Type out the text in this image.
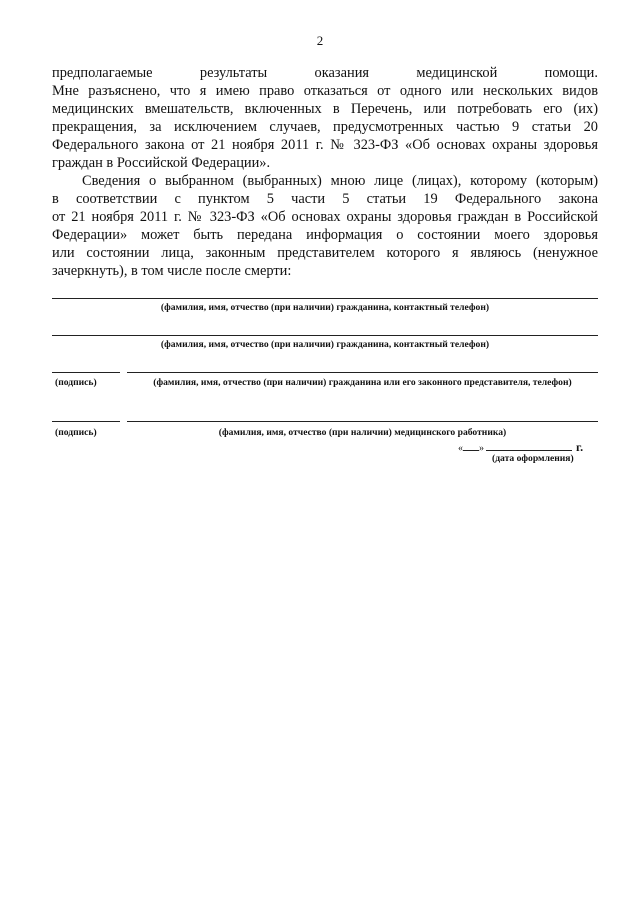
2
предполагаемые результаты оказания медицинской помощи.
Мне разъяснено, что я имею право отказаться от одного или нескольких видов
медицинских вмешательств, включенных в Перечень, или потребовать его (их)
прекращения, за исключением случаев, предусмотренных частью 9 статьи 20
Федерального закона от 21 ноября 2011 г. № 323-ФЗ «Об основах охраны здоровья
граждан в Российской Федерации».
Сведения о выбранном (выбранных) мною лице (лицах), которому (которым)
в соответствии с пунктом 5 части 5 статьи 19 Федерального закона
от 21 ноября 2011 г. № 323-ФЗ «Об основах охраны здоровья граждан в Российской
Федерации» может быть передана информация о состоянии моего здоровья
или состоянии лица, законным представителем которого я являюсь (ненужное
зачеркнуть), в том числе после смерти:
(фамилия, имя, отчество (при наличии) гражданина, контактный телефон)
(фамилия, имя, отчество (при наличии) гражданина, контактный телефон)
(подпись)	(фамилия, имя, отчество (при наличии) гражданина или его законного представителя, телефон)
(подпись)	(фамилия, имя, отчество (при наличии) медицинского работника)
« »	г.
(дата оформления)
